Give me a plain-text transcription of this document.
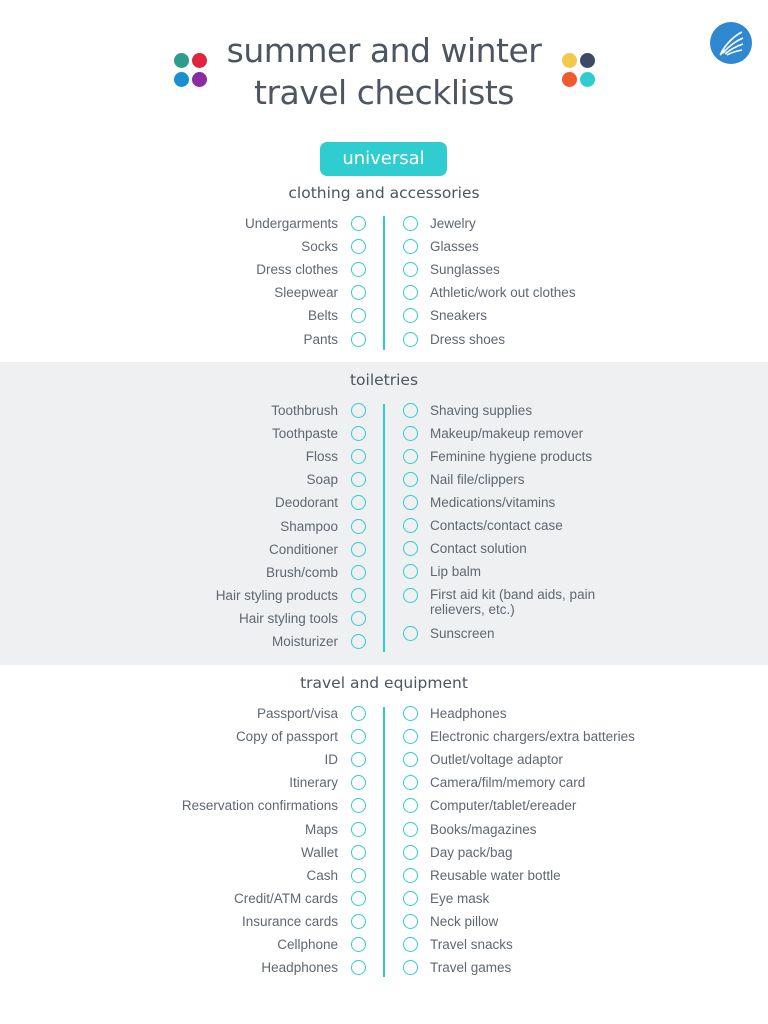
summer and winter
travel checklists
universal
clothing and accessories
Undergarments
Socks
Dress clothes
Sleepwear
Belts
Pants
Jewelry
Glasses
Sunglasses
Athletic/work out clothes
Sneakers
Dress shoes
toiletries
Toothbrush
Toothpaste
Floss
Soap
Deodorant
Shampoo
Conditioner
Brush/comb
Hair styling products
Hair styling tools
Moisturizer
Shaving supplies
Makeup/makeup remover
Feminine hygiene products
Nail file/clippers
Medications/vitamins
Contacts/contact case
Contact solution
Lip balm
First aid kit (band aids, pain relievers, etc.)
Sunscreen
travel and equipment
Passport/visa
Copy of passport
ID
Itinerary
Reservation confirmations
Maps
Wallet
Cash
Credit/ATM cards
Insurance cards
Cellphone
Headphones
Headphones
Electronic chargers/extra batteries
Outlet/voltage adaptor
Camera/film/memory card
Computer/tablet/ereader
Books/magazines
Day pack/bag
Reusable water bottle
Eye mask
Neck pillow
Travel snacks
Travel games
